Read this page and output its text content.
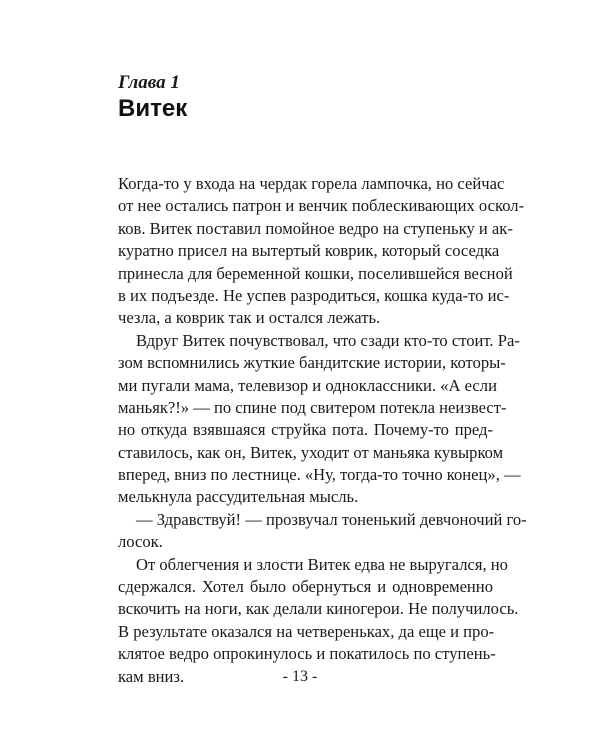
Глава 1
Витек
Когда-то у входа на чердак горела лампочка, но сейчас
от нее остались патрон и венчик поблескивающих оскол-
ков. Витек поставил помойное ведро на ступеньку и ак-
куратно присел на вытертый коврик, который соседка
принесла для беременной кошки, поселившейся весной
в их подъезде. Не успев разродиться, кошка куда-то ис-
чезла, а коврик так и остался лежать.
Вдруг Витек почувствовал, что сзади кто-то стоит. Ра-
зом вспомнились жуткие бандитские истории, которы-
ми пугали мама, телевизор и одноклассники. «А если
маньяк?!» — по спине под свитером потекла неизвест-
но откуда взявшаяся струйка пота. Почему-то пред-
ставилось, как он, Витек, уходит от маньяка кувырком
вперед, вниз по лестнице. «Ну, тогда-то точно конец», —
мелькнула рассудительная мысль.
— Здравствуй! — прозвучал тоненький девчоночий го-
лосок.
От облегчения и злости Витек едва не выругался, но
сдержался. Хотел было обернуться и одновременно
вскочить на ноги, как делали киногерои. Не получилось.
В результате оказался на четвереньках, да еще и про-
клятое ведро опрокинулось и покатилось по ступень-
кам вниз.	- 13 -
